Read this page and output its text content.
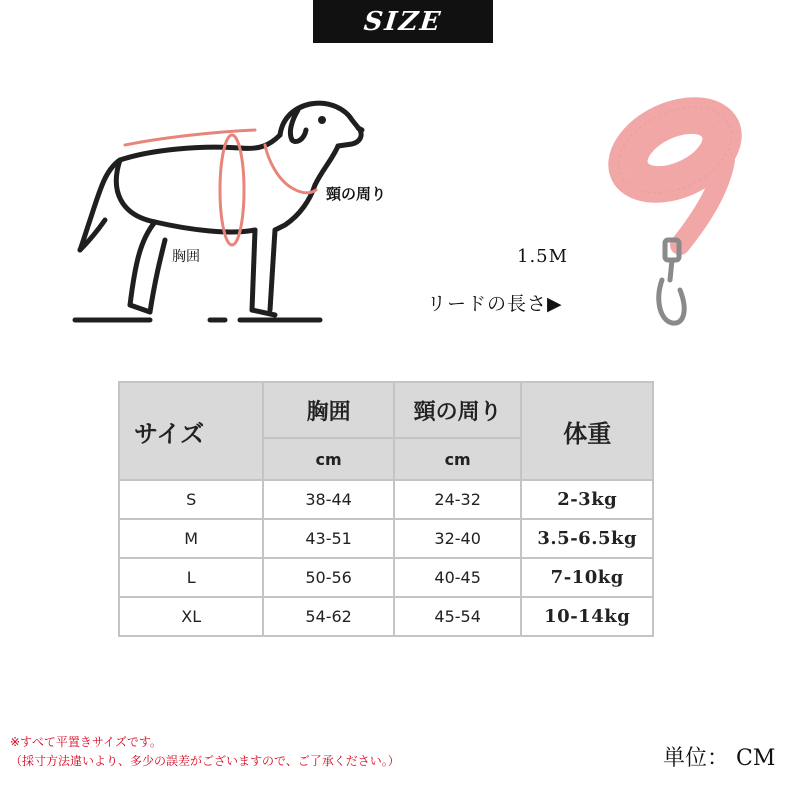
SIZE
頸の周り
胸囲	1.5M
リードの長さ▶
サイズ	胸囲	頸の周り	体重
	cm	cm	
S	38-44	24-32	2-3kg
M	43-51	32-40	3.5-6.5kg
L	50-56	40-45	7-10kg
XL	54-62	45-54	10-14kg
※すべて平置きサイズです。
（採寸方法違いより、多少の誤差がございますので、ご了承ください。）	単位： CM
